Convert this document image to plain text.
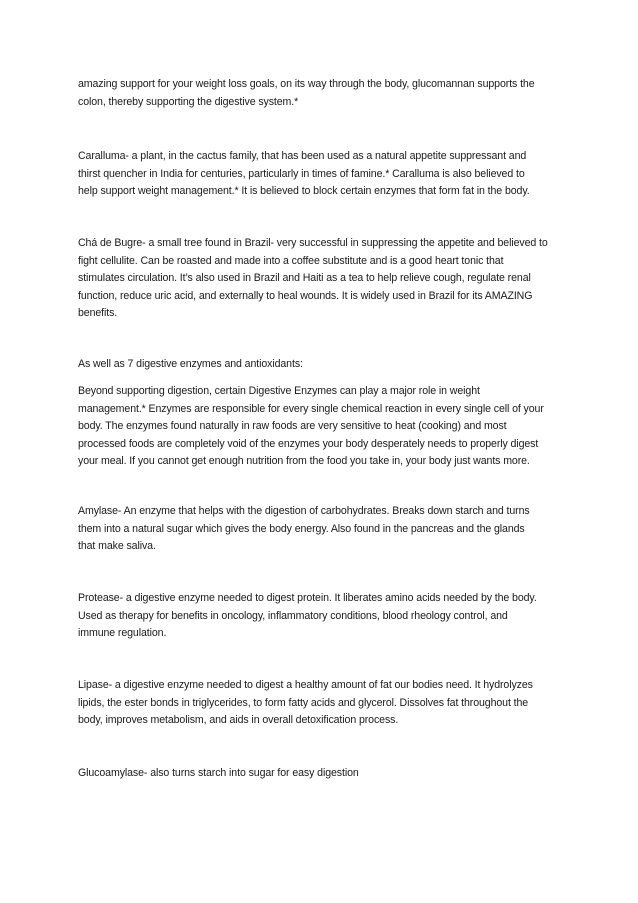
amazing support for your weight loss goals, on its way through the body, glucomannan supports the
colon, thereby supporting the digestive system.*
Caralluma- a plant, in the cactus family, that has been used as a natural appetite suppressant and
thirst quencher in India for centuries, particularly in times of famine.* Caralluma is also believed to
help support weight management.* It is believed to block certain enzymes that form fat in the body.
Chá de Bugre- a small tree found in Brazil- very successful in suppressing the appetite and believed to
fight cellulite. Can be roasted and made into a coffee substitute and is a good heart tonic that
stimulates circulation. It’s also used in Brazil and Haiti as a tea to help relieve cough, regulate renal
function, reduce uric acid, and externally to heal wounds. It is widely used in Brazil for its AMAZING
benefits.
As well as 7 digestive enzymes and antioxidants:
Beyond supporting digestion, certain Digestive Enzymes can play a major role in weight
management.* Enzymes are responsible for every single chemical reaction in every single cell of your
body. The enzymes found naturally in raw foods are very sensitive to heat (cooking) and most
processed foods are completely void of the enzymes your body desperately needs to properly digest
your meal. If you cannot get enough nutrition from the food you take in, your body just wants more.
Amylase- An enzyme that helps with the digestion of carbohydrates. Breaks down starch and turns
them into a natural sugar which gives the body energy. Also found in the pancreas and the glands
that make saliva.
Protease- a digestive enzyme needed to digest protein. It liberates amino acids needed by the body.
Used as therapy for benefits in oncology, inflammatory conditions, blood rheology control, and
immune regulation.
Lipase- a digestive enzyme needed to digest a healthy amount of fat our bodies need. It hydrolyzes
lipids, the ester bonds in triglycerides, to form fatty acids and glycerol. Dissolves fat throughout the
body, improves metabolism, and aids in overall detoxification process.
Glucoamylase- also turns starch into sugar for easy digestion
